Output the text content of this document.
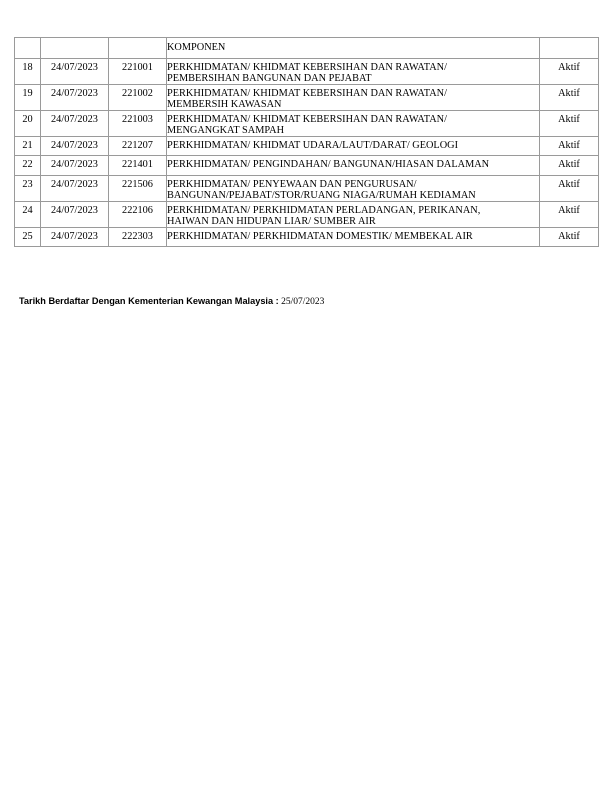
			KOMPONEN	

18	24/07/2023	221001	PERKHIDMATAN/ KHIDMAT KEBERSIHAN DAN RAWATAN/
PEMBERSIHAN BANGUNAN DAN PEJABAT	Aktif

19	24/07/2023	221002	PERKHIDMATAN/ KHIDMAT KEBERSIHAN DAN RAWATAN/
MEMBERSIH KAWASAN	Aktif

20	24/07/2023	221003	PERKHIDMATAN/ KHIDMAT KEBERSIHAN DAN RAWATAN/
MENGANGKAT SAMPAH	Aktif

21	24/07/2023	221207	PERKHIDMATAN/ KHIDMAT UDARA/LAUT/DARAT/ GEOLOGI	Aktif

22	24/07/2023	221401	PERKHIDMATAN/ PENGINDAHAN/ BANGUNAN/HIASAN DALAMAN	Aktif

23	24/07/2023	221506	PERKHIDMATAN/ PENYEWAAN DAN PENGURUSAN/
BANGUNAN/PEJABAT/STOR/RUANG NIAGA/RUMAH KEDIAMAN	Aktif

24	24/07/2023	222106	PERKHIDMATAN/ PERKHIDMATAN PERLADANGAN, PERIKANAN,
HAIWAN DAN HIDUPAN LIAR/ SUMBER AIR	Aktif

25	24/07/2023	222303	PERKHIDMATAN/ PERKHIDMATAN DOMESTIK/ MEMBEKAL AIR	Aktif
Tarikh Berdaftar Dengan Kementerian Kewangan Malaysia : 25/07/2023
